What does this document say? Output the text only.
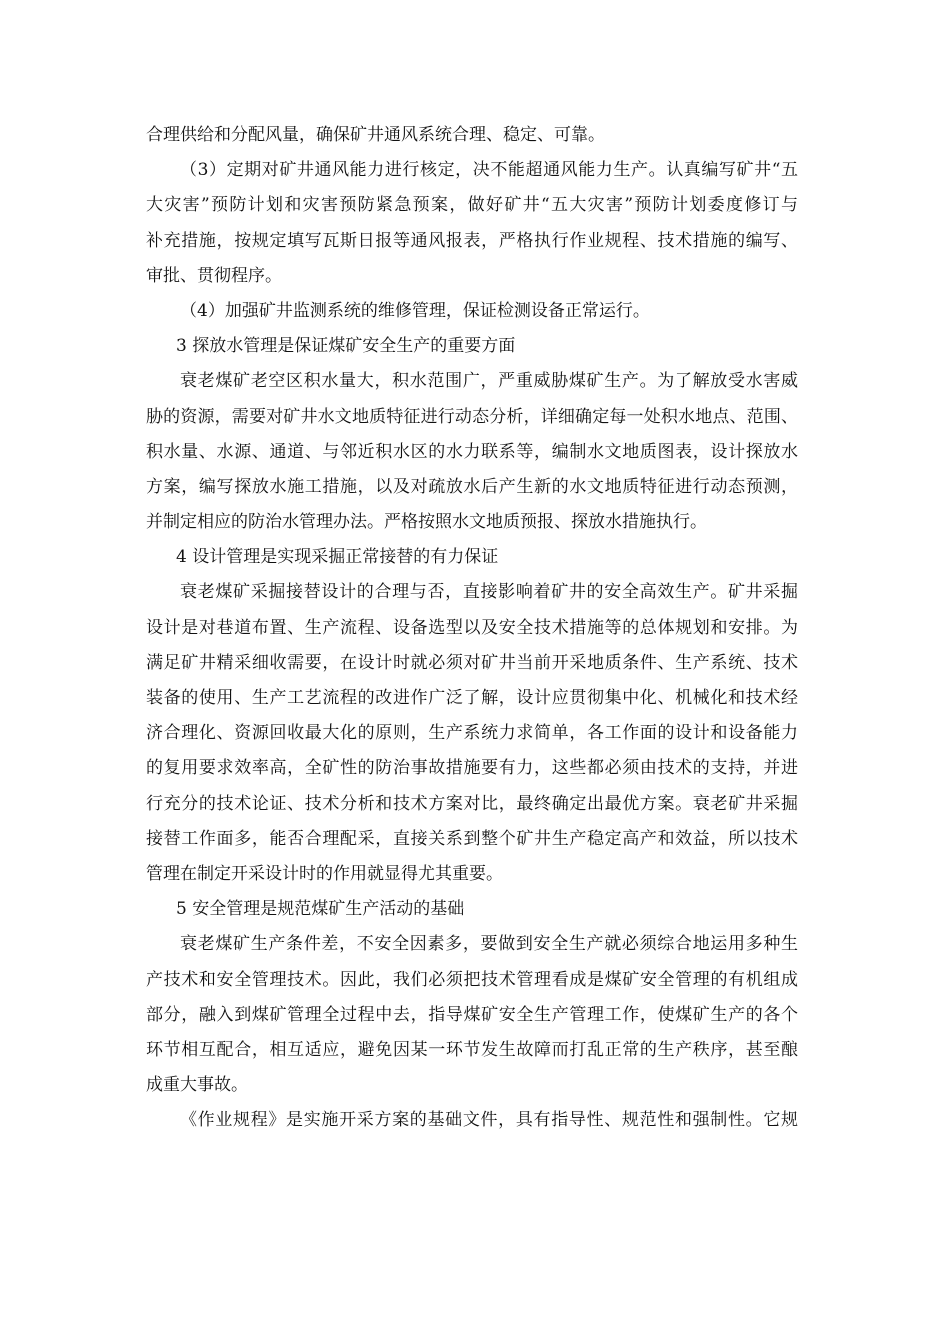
合理供给和分配风量，确保矿井通风系统合理、稳定、可靠。
（3）定期对矿井通风能力进行核定，决不能超通风能力生产。认真编写矿井“五
大灾害”预防计划和灾害预防紧急预案，做好矿井“五大灾害”预防计划委度修订与
补充措施，按规定填写瓦斯日报等通风报表，严格执行作业规程、技术措施的编写、
审批、贯彻程序。
（4）加强矿井监测系统的维修管理，保证检测设备正常运行。
3 探放水管理是保证煤矿安全生产的重要方面
衰老煤矿老空区积水量大，积水范围广，严重威胁煤矿生产。为了解放受水害威
胁的资源，需要对矿井水文地质特征进行动态分析，详细确定每一处积水地点、范围、
积水量、水源、通道、与邻近积水区的水力联系等，编制水文地质图表，设计探放水
方案，编写探放水施工措施，以及对疏放水后产生新的水文地质特征进行动态预测，
并制定相应的防治水管理办法。严格按照水文地质预报、探放水措施执行。
4 设计管理是实现采掘正常接替的有力保证
衰老煤矿采掘接替设计的合理与否，直接影响着矿井的安全高效生产。矿井采掘
设计是对巷道布置、生产流程、设备选型以及安全技术措施等的总体规划和安排。为
满足矿井精采细收需要，在设计时就必须对矿井当前开采地质条件、生产系统、技术
装备的使用、生产工艺流程的改进作广泛了解，设计应贯彻集中化、机械化和技术经
济合理化、资源回收最大化的原则，生产系统力求简单，各工作面的设计和设备能力
的复用要求效率高，全矿性的防治事故措施要有力，这些都必须由技术的支持，并进
行充分的技术论证、技术分析和技术方案对比，最终确定出最优方案。衰老矿井采掘
接替工作面多，能否合理配采，直接关系到整个矿井生产稳定高产和效益，所以技术
管理在制定开采设计时的作用就显得尤其重要。
5 安全管理是规范煤矿生产活动的基础
衰老煤矿生产条件差，不安全因素多，要做到安全生产就必须综合地运用多种生
产技术和安全管理技术。因此，我们必须把技术管理看成是煤矿安全管理的有机组成
部分，融入到煤矿管理全过程中去，指导煤矿安全生产管理工作，使煤矿生产的各个
环节相互配合，相互适应，避免因某一环节发生故障而打乱正常的生产秩序，甚至酿
成重大事故。
《作业规程》是实施开采方案的基础文件，具有指导性、规范性和强制性。它规
